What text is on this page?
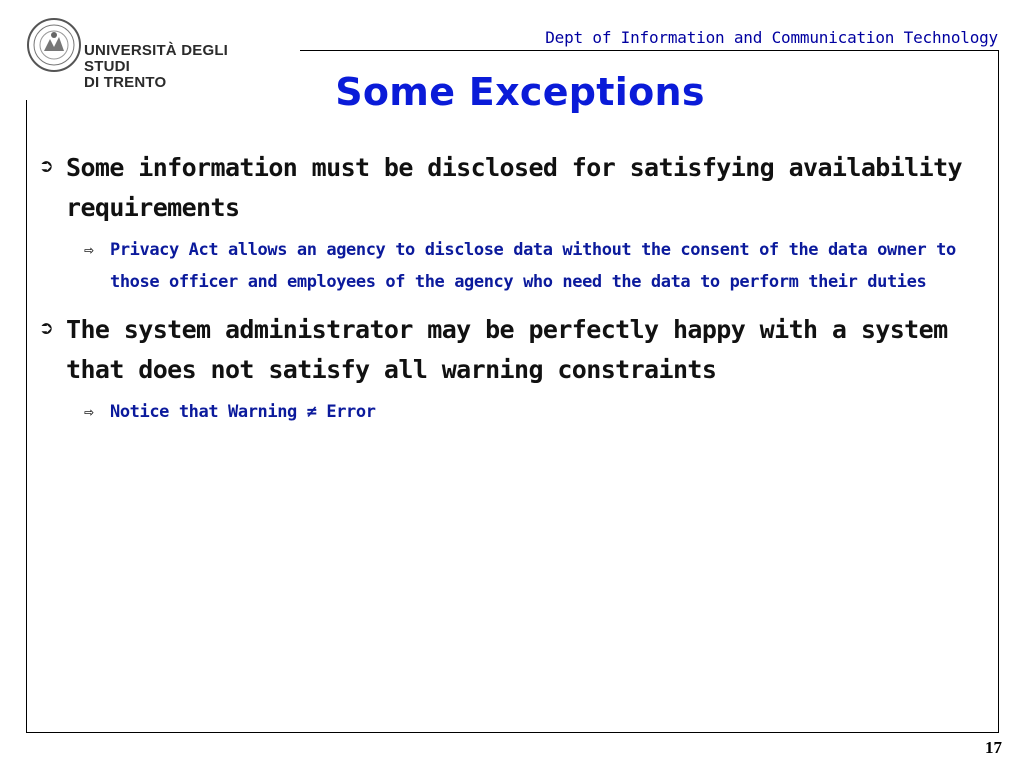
UNIVERSITÀ DEGLI STUDI
DI TRENTO
Dept of Information and Communication Technology
Some Exceptions
➲ Some information must be disclosed for satisfying availability requirements
⇨ Privacy Act allows an agency to disclose data without the consent of the data owner to those officer and employees of the agency who need the data to perform their duties
➲ The system administrator may be perfectly happy with a system that does not satisfy all warning constraints
⇨ Notice that Warning ≠ Error
17
